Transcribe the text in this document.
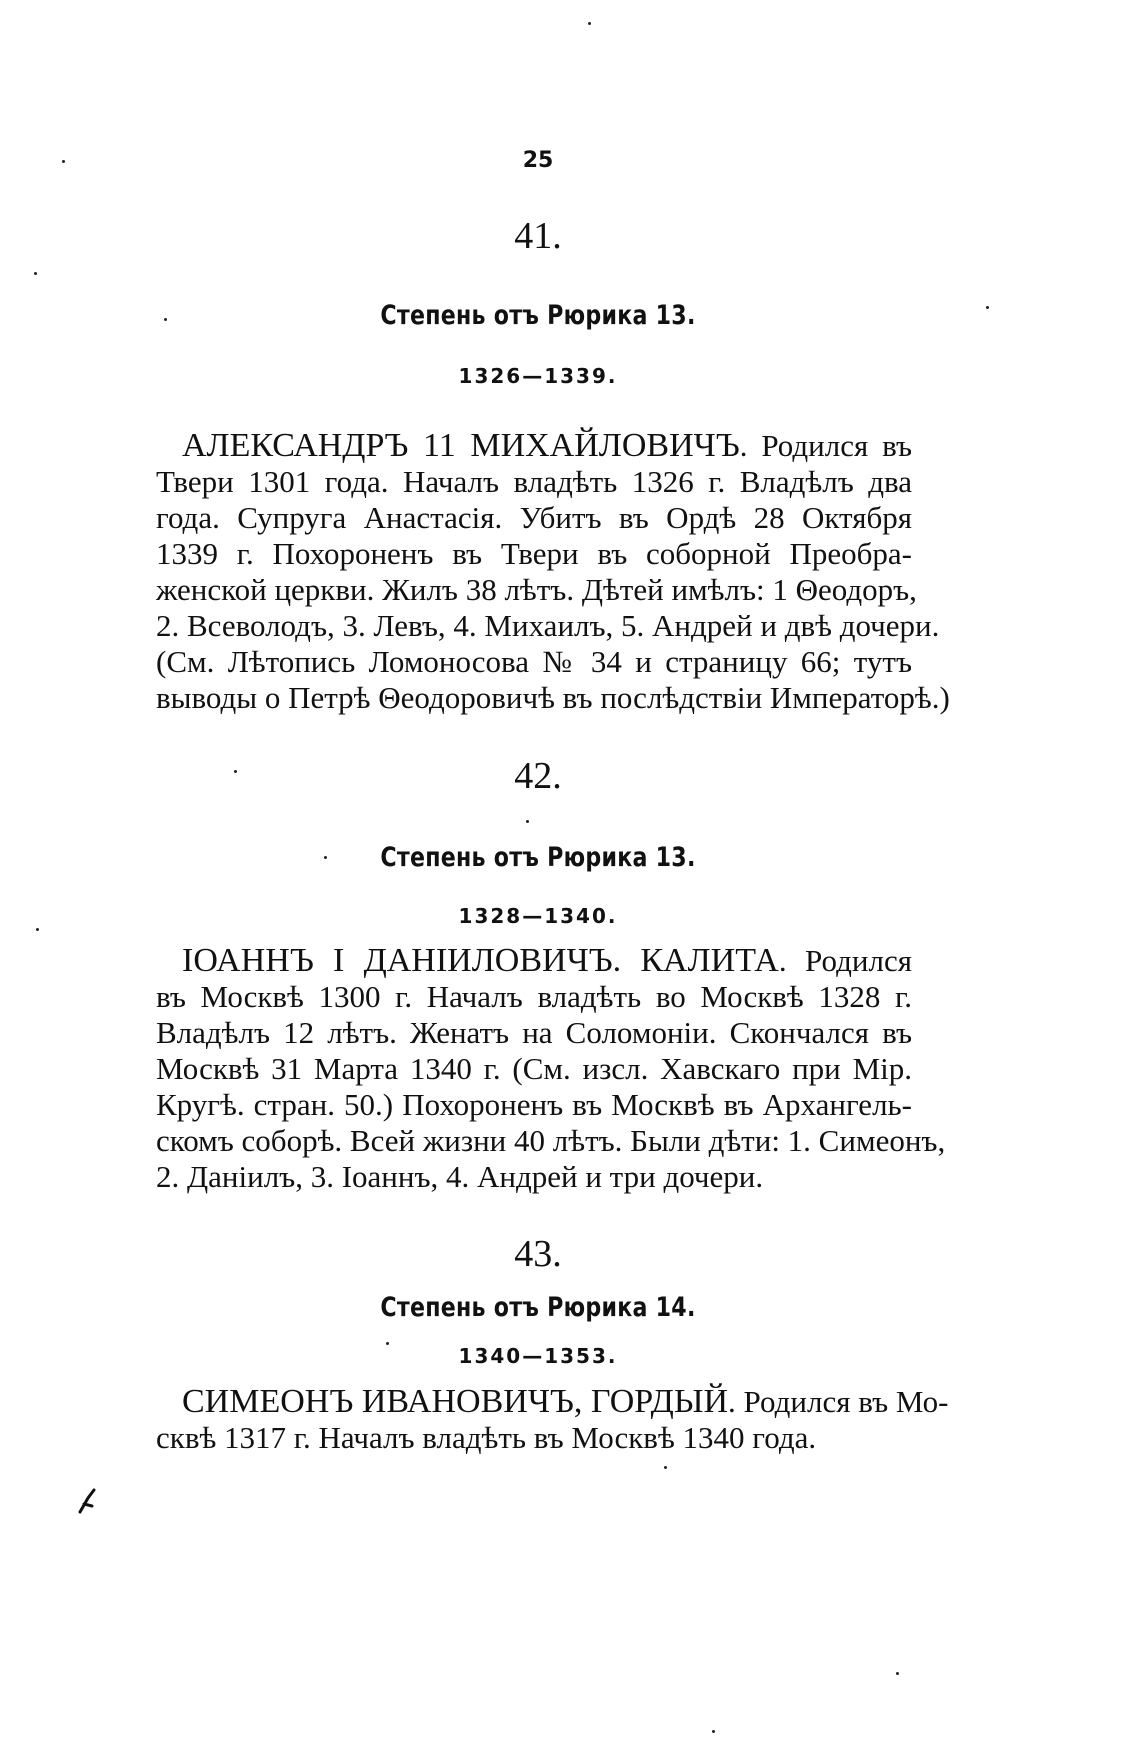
25
41.
Степень отъ Рюрика 13.
1326—1339.
АЛЕКСАНДРЪ 11 МИХАЙЛОВИЧЪ. Родился въ
Твери 1301 года. Началъ владѣть 1326 г. Владѣлъ два
года. Супруга Анастасія. Убитъ въ Ордѣ 28 Октября
1339 г. Похороненъ въ Твери въ соборной Преобра-
женской церкви. Жилъ 38 лѣтъ. Дѣтей имѣлъ: 1 Θеодоръ,
2. Всеволодъ, 3. Левъ, 4. Михаилъ, 5. Андрей и двѣ дочери.
(См. Лѣтопись Ломоносова № 34 и страницу 66; тутъ
выводы о Петрѣ Θеодоровичѣ въ послѣдствіи Императорѣ.)
42.
Степень отъ Рюрика 13.
1328—1340.
ІОАННЪ I ДАНІИЛОВИЧЪ. КАЛИТА. Родился
въ Москвѣ 1300 г. Началъ владѣть во Москвѣ 1328 г.
Владѣлъ 12 лѣтъ. Женатъ на Соломоніи. Скончался въ
Москвѣ 31 Марта 1340 г. (См. изсл. Хавскаго при Мір.
Кругѣ. стран. 50.) Похороненъ въ Москвѣ въ Архангель-
скомъ соборѣ. Всей жизни 40 лѣтъ. Были дѣти: 1. Симеонъ,
2. Даніилъ, 3. Іоаннъ, 4. Андрей и три дочери.
43.
Степень отъ Рюрика 14.
1340—1353.
СИМЕОНЪ ИВАНОВИЧЪ, ГОРДЫЙ. Родился въ Мо-
сквѣ 1317 г. Началъ владѣть въ Москвѣ 1340 года.
